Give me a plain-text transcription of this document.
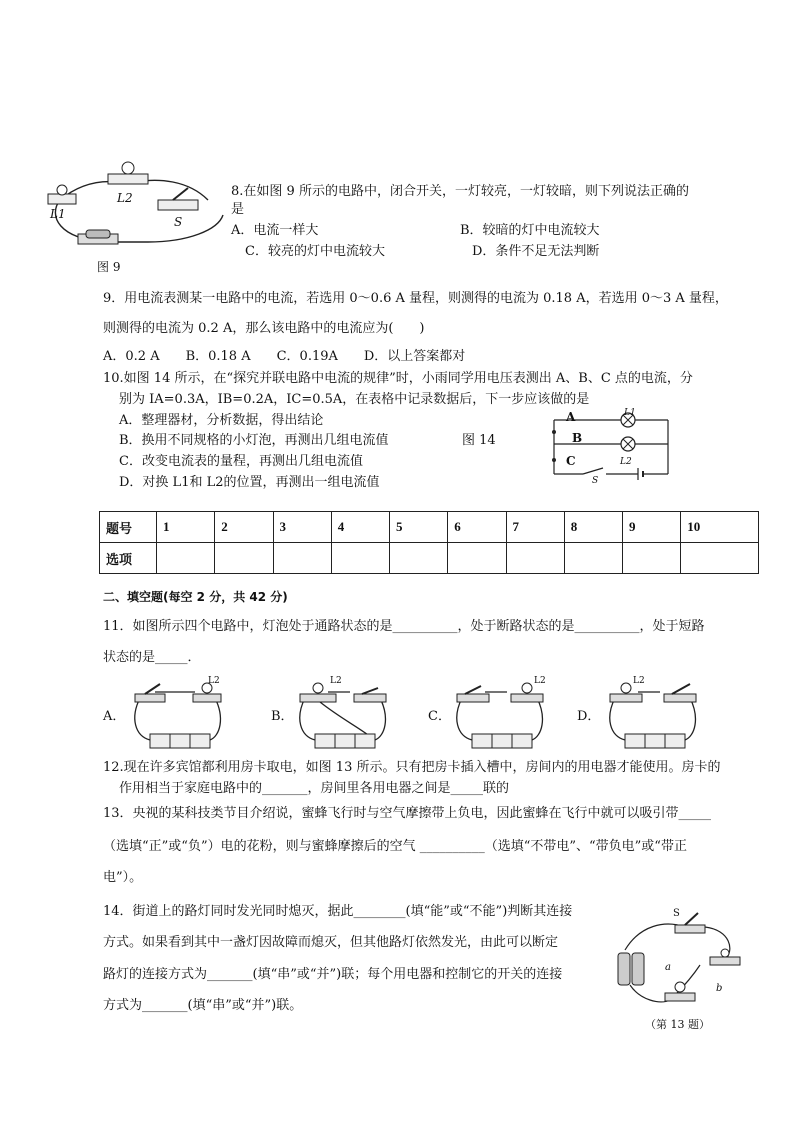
L1
L2
S
图 9
8.在如图 9 所示的电路中，闭合开关，一灯较亮，一灯较暗，则下列说法正确的
是
A．电流一样大	B．较暗的灯中电流较大
C．较亮的灯中电流较大	D．条件不足无法判断
9．用电流表测某一电路中的电流，若选用 0～0.6 A 量程，则测得的电流为 0.18 A，若选用 0～3 A 量程，
则测得的电流为 0.2 A，那么该电路中的电流应为(　　)
A．0.2 A　　B．0.18 A　　C．0.19A　　D．以上答案都对
10.如图 14 所示，在“探究并联电路中电流的规律”时，小雨同学用电压表测出 A、B、C 点的电流，分
别为 IA=0.3A，IB=0.2A，IC=0.5A，在表格中记录数据后，下一步应该做的是
A．整理器材，分析数据，得出结论
B．换用不同规格的小灯泡，再测出几组电流值	图 14
C．改变电流表的量程，再测出几组电流值
D．对换 L1和 L2的位置，再测出一组电流值
A
B
C
L1
L2
S
题号	1	2	3	4	5	6	7	8	9	10
选项										
二、填空题(每空 2 分，共 42 分)
11．如图所示四个电路中，灯泡处于通路状态的是__________，处于断路状态的是__________，处于短路
状态的是_____．
A．	B．	C．	D．
L2	L2	L2	L2
12.现在许多宾馆都利用房卡取电，如图 13 所示。只有把房卡插入槽中，房间内的用电器才能使用。房卡的
作用相当于家庭电路中的_______，房间里各用电器之间是_____联的
13．央视的某科技类节目介绍说，蜜蜂飞行时与空气摩擦带上负电，因此蜜蜂在飞行中就可以吸引带_____
（选填“正”或“负”）电的花粉，则与蜜蜂摩擦后的空气 __________（选填“不带电”、“带负电”或“带正
电”）。
14．街道上的路灯同时发光同时熄灭，据此________(填“能”或“不能”)判断其连接
方式。如果看到其中一盏灯因故障而熄灭，但其他路灯依然发光，由此可以断定
路灯的连接方式为_______(填“串”或“并”)联；每个用电器和控制它的开关的连接
方式为_______(填“串”或“并”)联。
S
a
b
（第 13 题）
